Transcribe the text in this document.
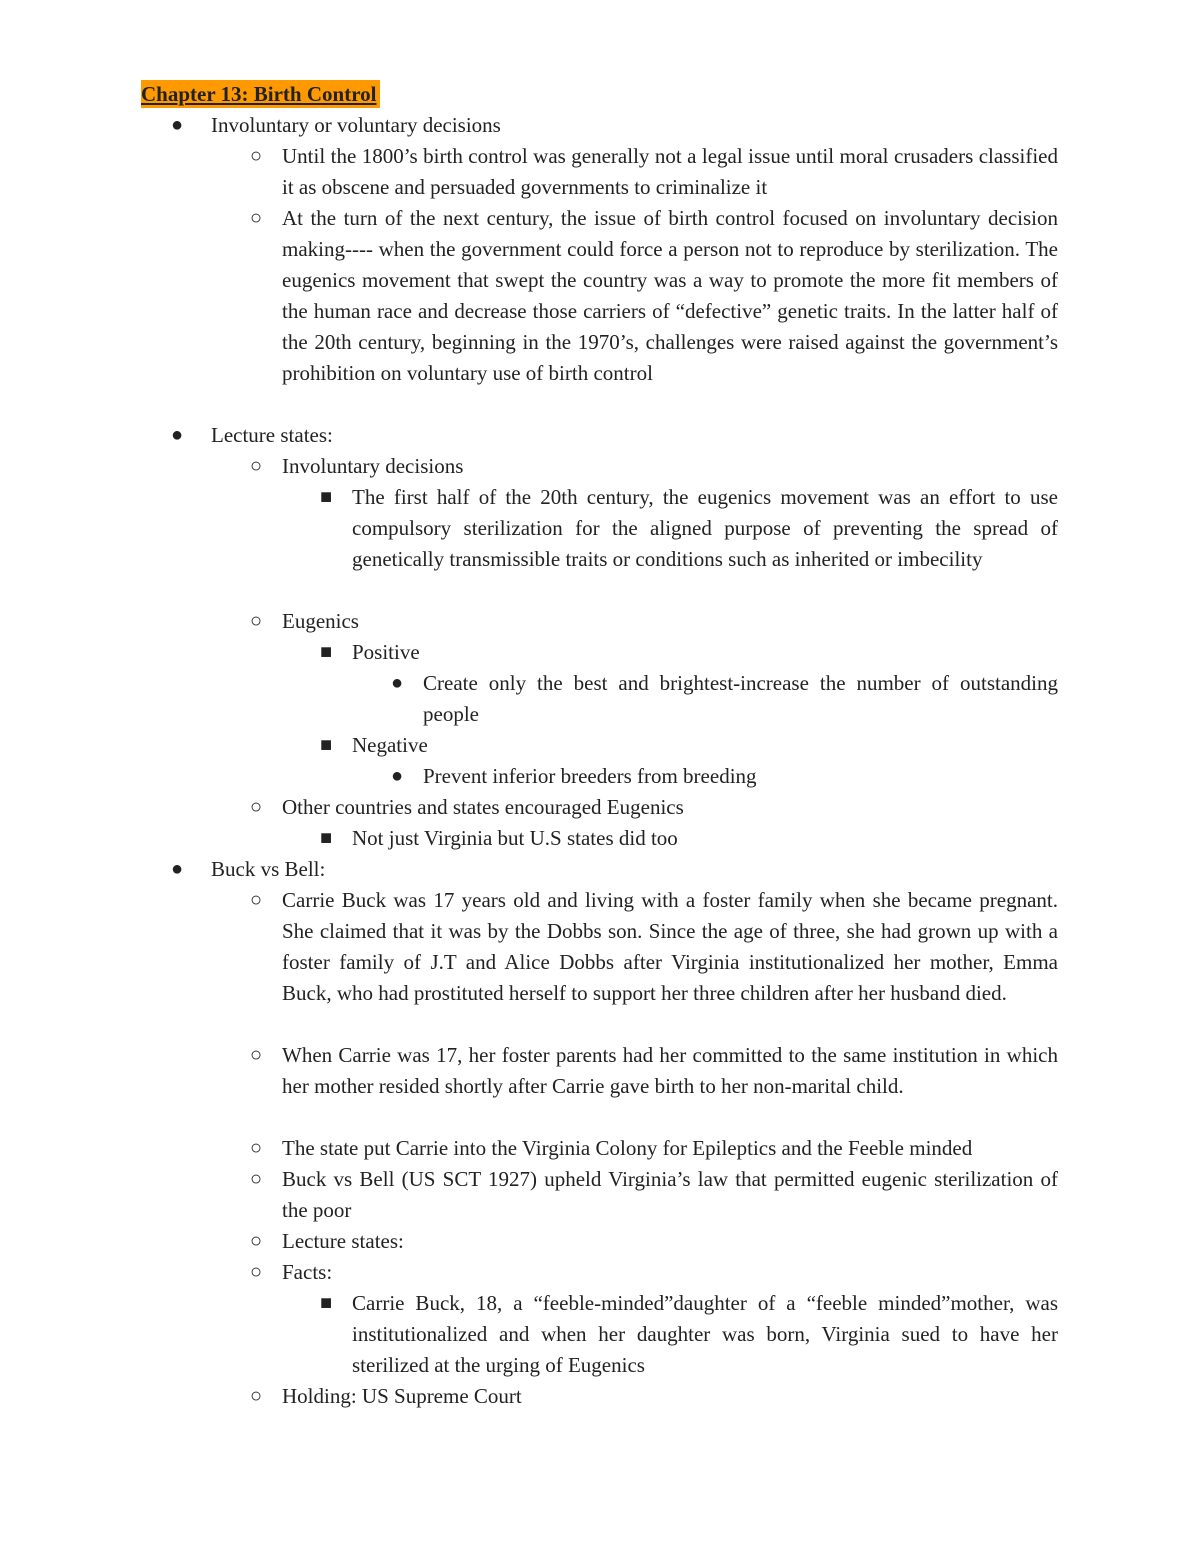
Chapter 13: Birth Control
● Involuntary or voluntary decisions
○ Until the 1800’s birth control was generally not a legal issue until moral crusaders classified it as obscene and persuaded governments to criminalize it
○ At the turn of the next century, the issue of birth control focused on involuntary decision making---- when the government could force a person not to reproduce by sterilization. The eugenics movement that swept the country was a way to promote the more fit members of the human race and decrease those carriers of “defective” genetic traits. In the latter half of the 20th century, beginning in the 1970’s, challenges were raised against the government’s prohibition on voluntary use of birth control
● Lecture states:
○ Involuntary decisions
■ The first half of the 20th century, the eugenics movement was an effort to use compulsory sterilization for the aligned purpose of preventing the spread of genetically transmissible traits or conditions such as inherited or imbecility
○ Eugenics
■ Positive
● Create only the best and brightest-increase the number of outstanding people
■ Negative
● Prevent inferior breeders from breeding
○ Other countries and states encouraged Eugenics
■ Not just Virginia but U.S states did too
● Buck vs Bell:
○ Carrie Buck was 17 years old and living with a foster family when she became pregnant. She claimed that it was by the Dobbs son. Since the age of three, she had grown up with a foster family of J.T and Alice Dobbs after Virginia institutionalized her mother, Emma Buck, who had prostituted herself to support her three children after her husband died.
○ When Carrie was 17, her foster parents had her committed to the same institution in which her mother resided shortly after Carrie gave birth to her non-marital child.
○ The state put Carrie into the Virginia Colony for Epileptics and the Feeble minded
○ Buck vs Bell (US SCT 1927) upheld Virginia’s law that permitted eugenic sterilization of the poor
○ Lecture states:
○ Facts:
■ Carrie Buck, 18, a “feeble-minded”daughter of a “feeble minded”mother, was institutionalized and when her daughter was born, Virginia sued to have her sterilized at the urging of Eugenics
○ Holding: US Supreme Court
